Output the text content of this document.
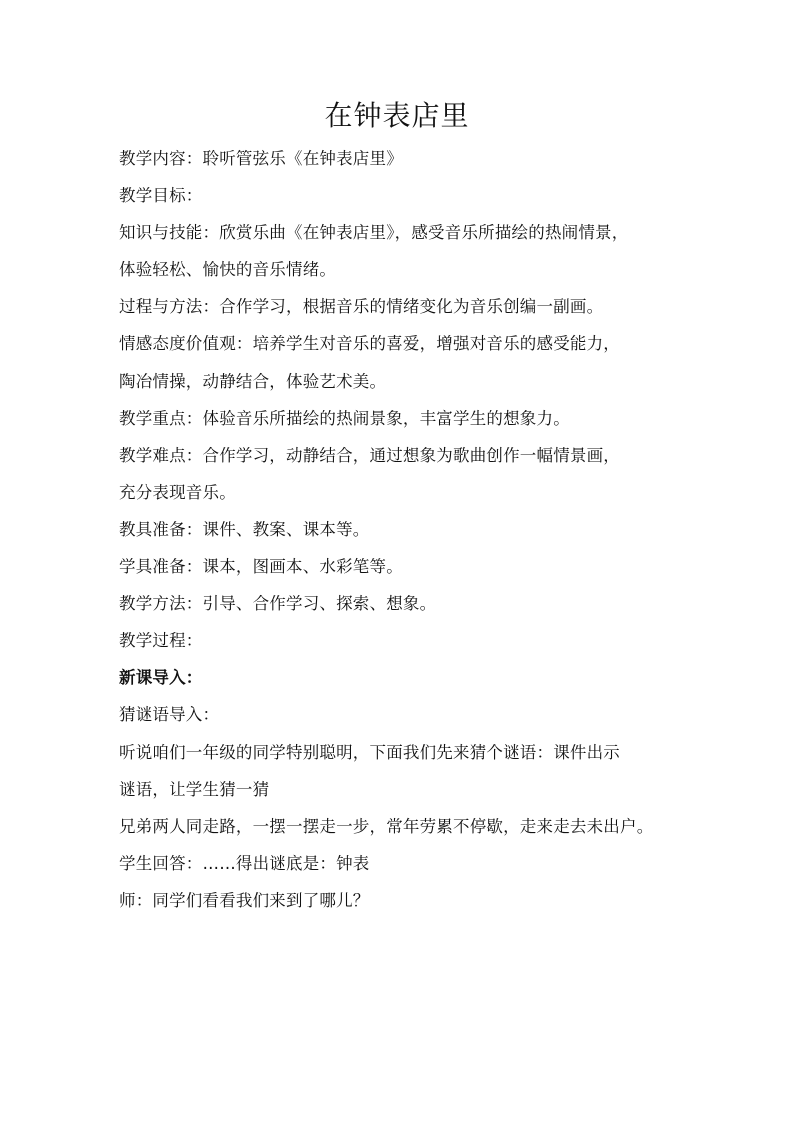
在钟表店里
教学内容：聆听管弦乐《在钟表店里》
教学目标：
知识与技能：欣赏乐曲《在钟表店里》，感受音乐所描绘的热闹情景，
体验轻松、愉快的音乐情绪。
过程与方法：合作学习，根据音乐的情绪变化为音乐创编一副画。
情感态度价值观：培养学生对音乐的喜爱，增强对音乐的感受能力，
陶冶情操，动静结合，体验艺术美。
教学重点：体验音乐所描绘的热闹景象，丰富学生的想象力。
教学难点：合作学习，动静结合，通过想象为歌曲创作一幅情景画，
充分表现音乐。
教具准备：课件、教案、课本等。
学具准备：课本，图画本、水彩笔等。
教学方法：引导、合作学习、探索、想象。
教学过程：
新课导入：
猜谜语导入：
听说咱们一年级的同学特别聪明，下面我们先来猜个谜语：课件出示
谜语，让学生猜一猜
兄弟两人同走路，一摆一摆走一步，常年劳累不停歇，走来走去未出户。
学生回答：……得出谜底是：钟表
师：同学们看看我们来到了哪儿？
